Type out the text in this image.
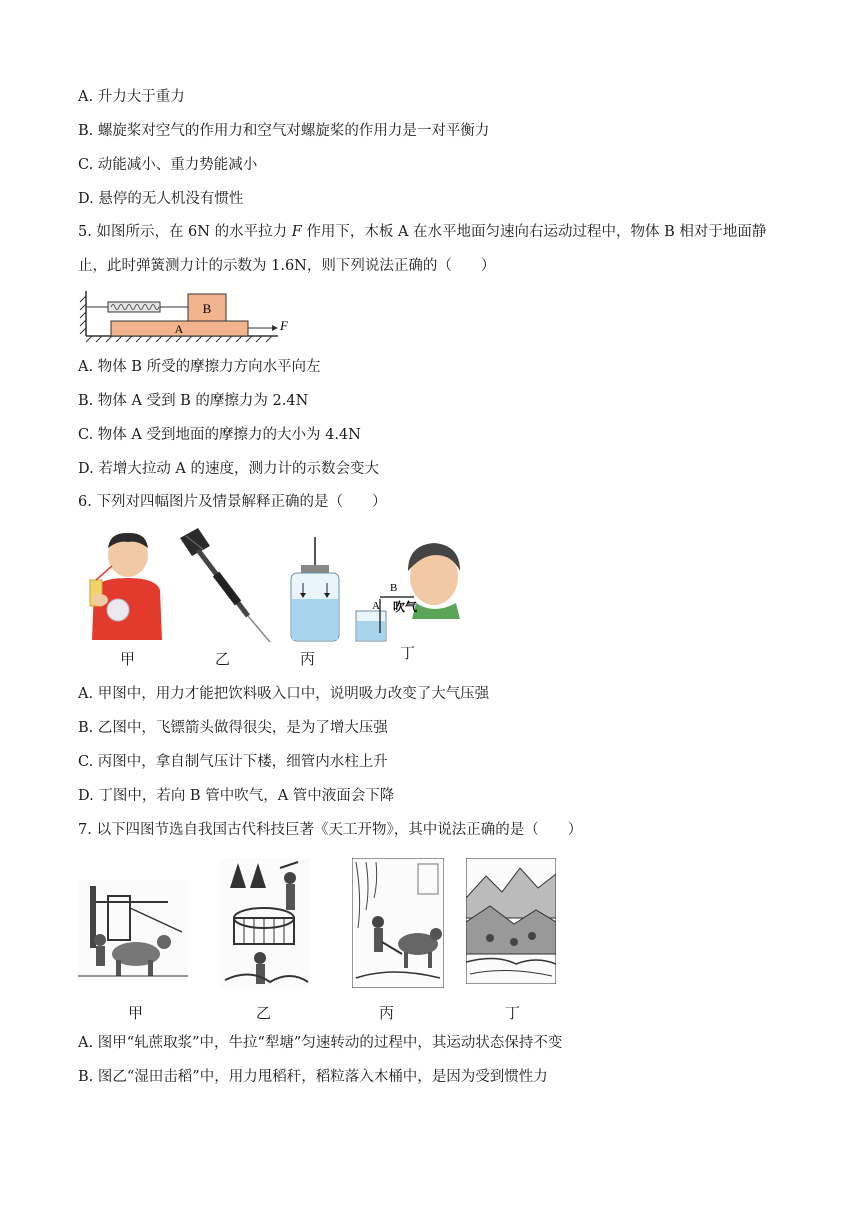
A. 升力大于重力
B. 螺旋桨对空气的作用力和空气对螺旋桨的作用力是一对平衡力
C. 动能减小、重力势能减小
D. 悬停的无人机没有惯性
5. 如图所示，在 6N 的水平拉力 F 作用下，木板 A 在水平地面匀速向右运动过程中，物体 B 相对于地面静
止，此时弹簧测力计的示数为 1.6N，则下列说法正确的（　　）
A
B
F
A. 物体 B 所受的摩擦力方向水平向左
B. 物体 A 受到 B 的摩擦力为 2.4N
C. 物体 A 受到地面的摩擦力的大小为 4.4N
D. 若增大拉动 A 的速度，测力计的示数会变大
6. 下列对四幅图片及情景解释正确的是（　　）
甲	乙	丙
B
A 吹气
丁
A. 甲图中，用力才能把饮料吸入口中，说明吸力改变了大气压强
B. 乙图中，飞镖箭头做得很尖，是为了增大压强
C. 丙图中，拿自制气压计下楼，细管内水柱上升
D. 丁图中，若向 B 管中吹气，A 管中液面会下降
7. 以下四图节选自我国古代科技巨著《天工开物》，其中说法正确的是（　　）
甲	乙	丙	丁
A. 图甲“轧蔗取浆”中，牛拉“犁塘”匀速转动的过程中，其运动状态保持不变
B. 图乙“湿田击稻”中，用力甩稻秆，稻粒落入木桶中，是因为受到惯性力
